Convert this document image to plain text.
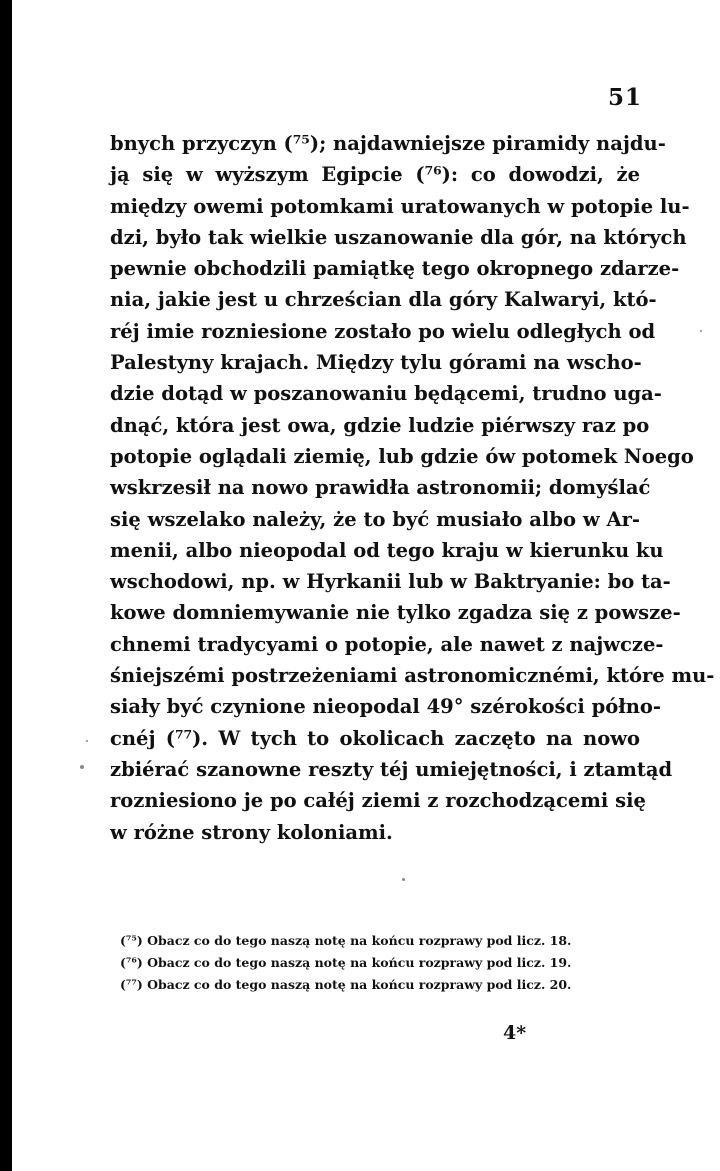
51
bnych przyczyn (⁷⁵); najdawniejsze piramidy najdu-
ją się w wyższym Egipcie (⁷⁶): co dowodzi, że
między owemi potomkami uratowanych w potopie lu-
dzi, było tak wielkie uszanowanie dla gór, na których
pewnie obchodzili pamiątkę tego okropnego zdarze-
nia, jakie jest u chrześcian dla góry Kalwaryi, któ-
réj imie rozniesione zostało po wielu odległych od
Palestyny krajach. Między tylu górami na wscho-
dzie dotąd w poszanowaniu będącemi, trudno uga-
dnąć, która jest owa, gdzie ludzie piérwszy raz po
potopie oglądali ziemię, lub gdzie ów potomek Noego
wskrzesił na nowo prawidła astronomii; domyślać
się wszelako należy, że to być musiało albo w Ar-
menii, albo nieopodal od tego kraju w kierunku ku
wschodowi, np. w Hyrkanii lub w Baktryanie: bo ta-
kowe domniemywanie nie tylko zgadza się z powsze-
chnemi tradycyami o potopie, ale nawet z najwcze-
śniejszémi postrzeżeniami astronomicznémi, które mu-
siały być czynione nieopodal 49° szérokości półno-
cnéj (⁷⁷). W tych to okolicach zaczęto na nowo
zbiérać szanowne reszty téj umiejętności, i ztamtąd
rozniesiono je po całéj ziemi z rozchodzącemi się
w różne strony koloniami.
(⁷⁵) Obacz co do tego naszą notę na końcu rozprawy pod licz. 18.
(⁷⁶) Obacz co do tego naszą notę na końcu rozprawy pod licz. 19.
(⁷⁷) Obacz co do tego naszą notę na końcu rozprawy pod licz. 20.
4*
